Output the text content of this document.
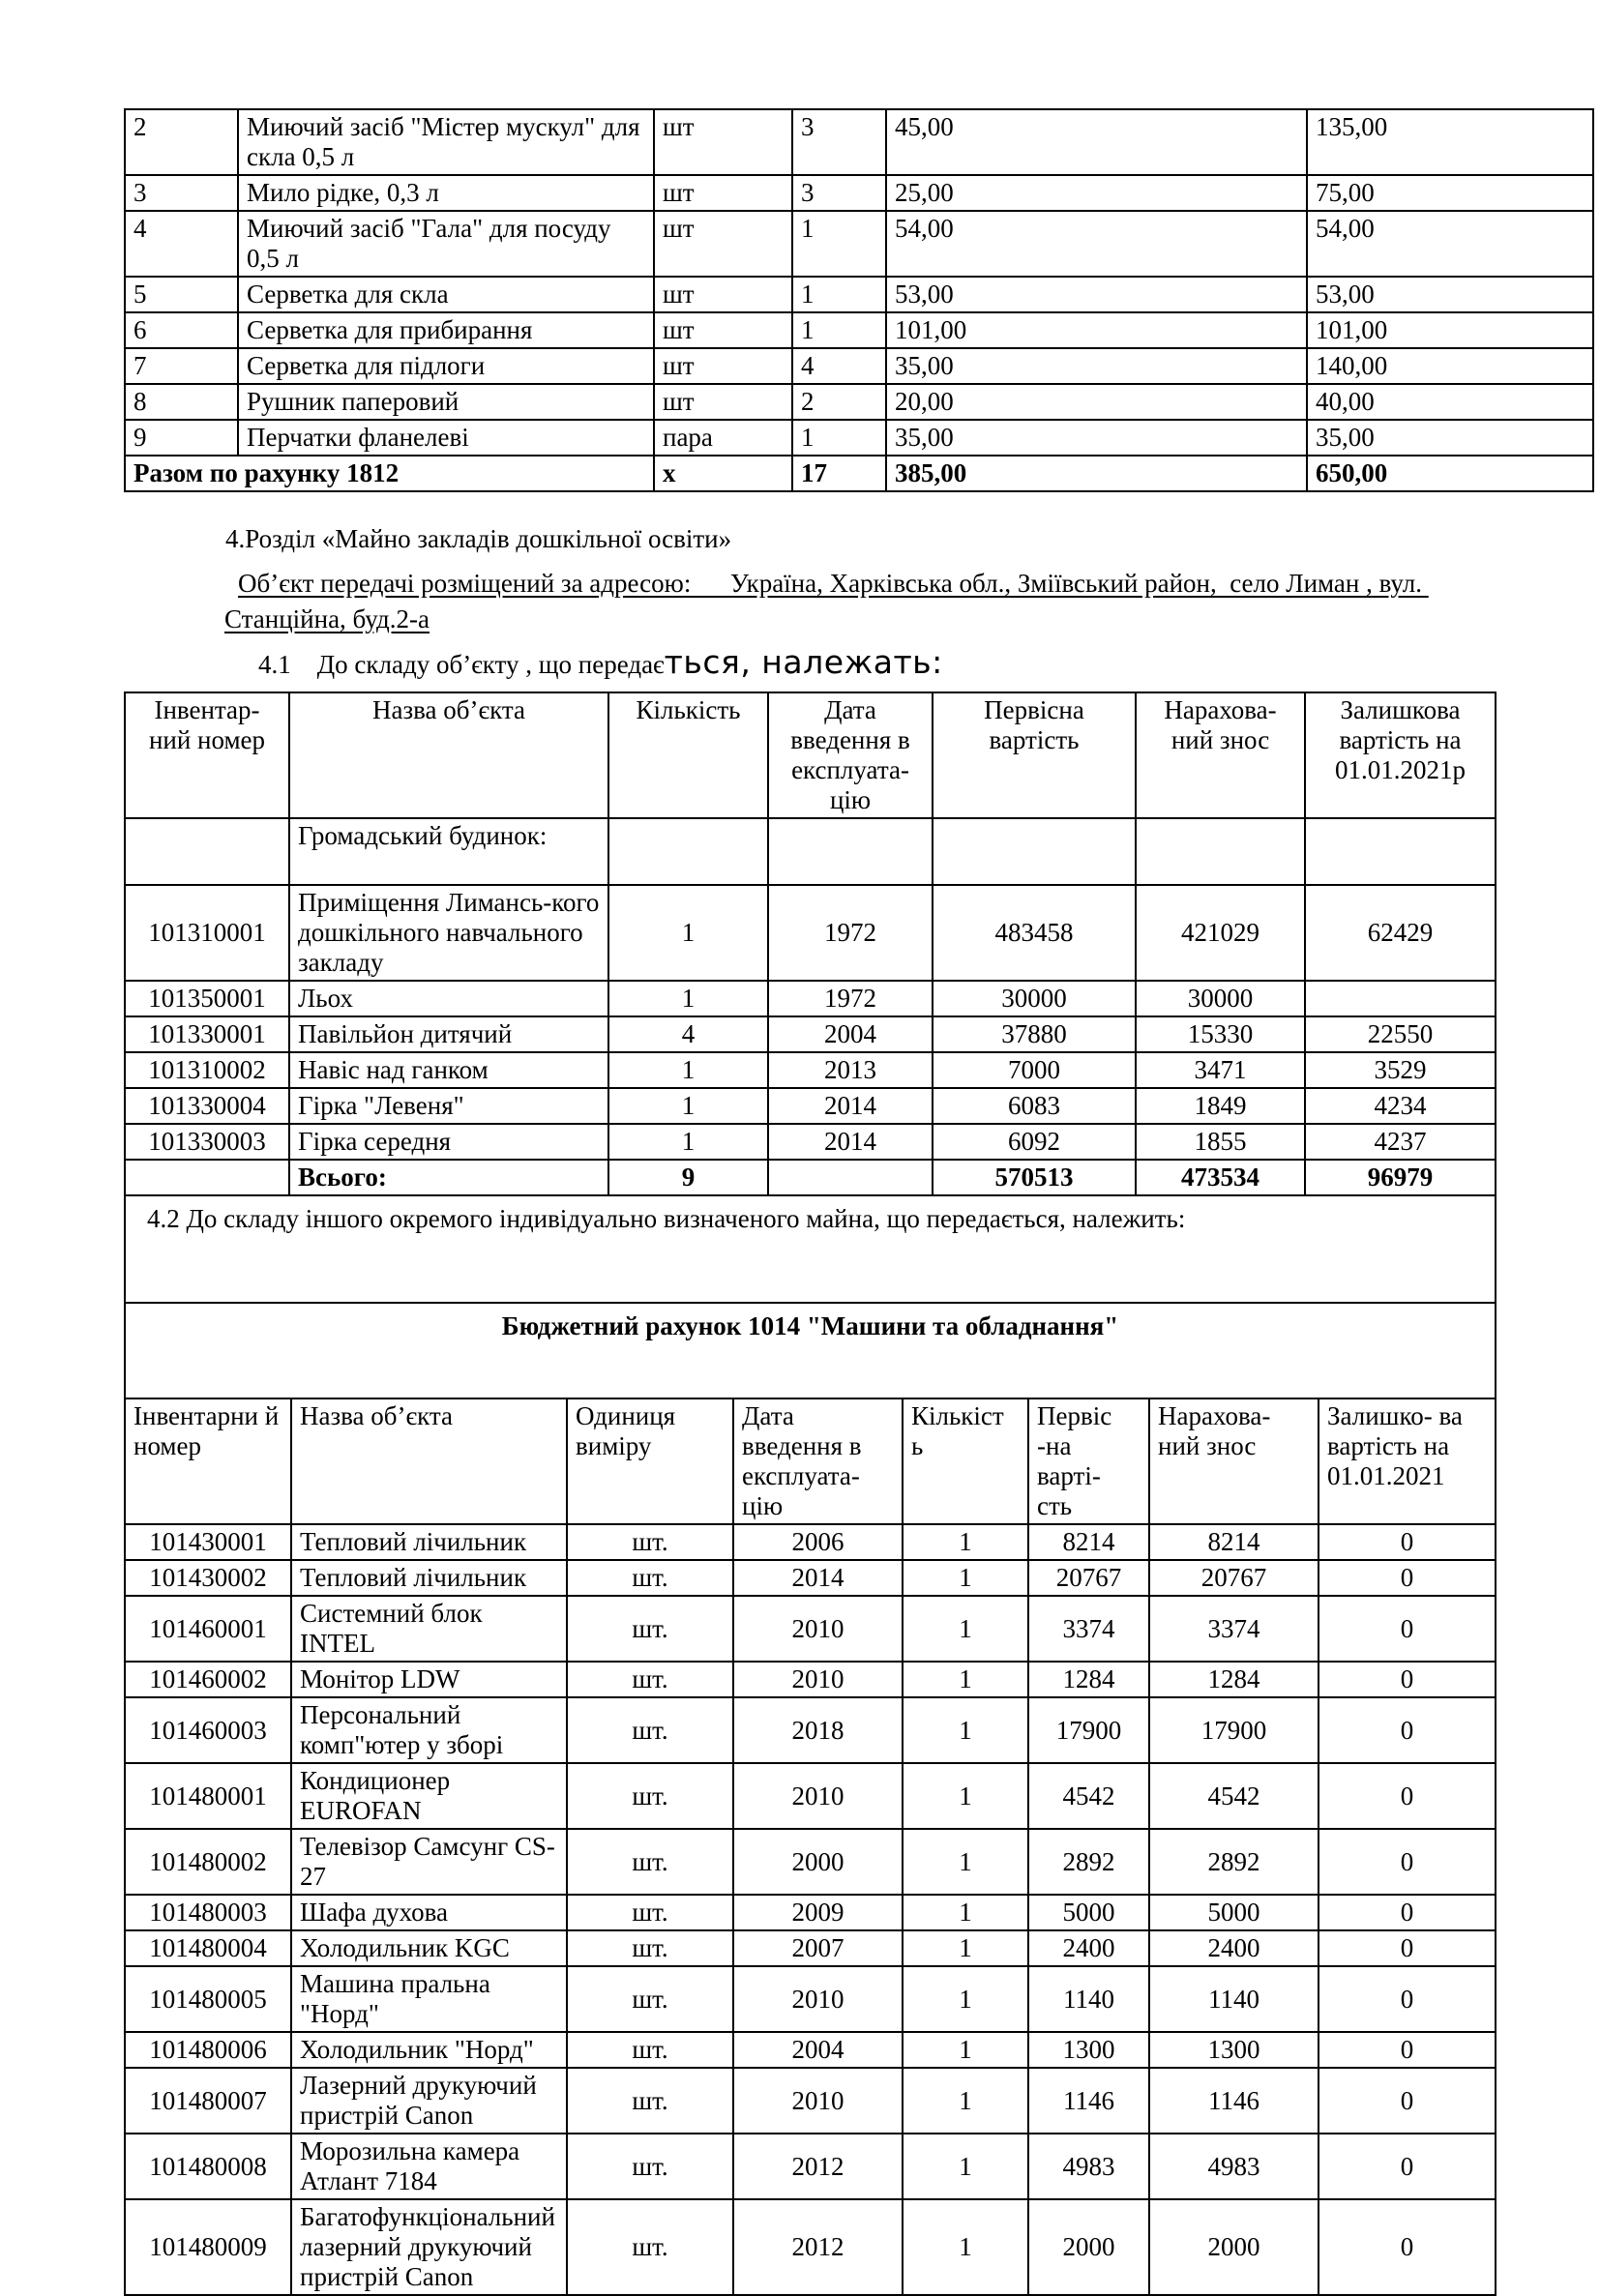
2	Миючий засіб "Містер мускул" для скла 0,5 л	шт	3	45,00	135,00
3	Мило рідке, 0,3 л	шт	3	25,00	75,00
4	Миючий засіб "Гала" для посуду 0,5 л	шт	1	54,00	54,00
5	Серветка для скла	шт	1	53,00	53,00
6	Серветка для прибирання	шт	1	101,00	101,00
7	Серветка для підлоги	шт	4	35,00	140,00
8	Рушник паперовий	шт	2	20,00	40,00
9	Перчатки фланелеві	пара	1	35,00	35,00
Разом по рахунку 1812		x	17	385,00	650,00
4.Розділ «Майно закладів дошкільної освіти»
Об’єкт передачі розміщений за адресою:      Україна, Харківська обл., Зміївський район,  село Лиман , вул.
Станційна, буд.2-а
4.1    До складу об’єкту , що передається, належать:
Інвентар-ний номер	Назва об’єкта	Кількість	Дата введення в експлуата-цію	Первісна вартість	Нарахова-ний знос	Залишкова вартість на 01.01.2021р
	Громадський будинок:					
101310001	Приміщення Лимансь-кого дошкільного навчального закладу	1	1972	483458	421029	62429
101350001	Льох	1	1972	30000	30000	
101330001	Павільйон дитячий	4	2004	37880	15330	22550
101310002	Навіс над ганком	1	2013	7000	3471	3529
101330004	Гірка "Левеня"	1	2014	6083	1849	4234
101330003	Гірка середня	1	2014	6092	1855	4237
	Всього:	9		570513	473534	96979
4.2 До складу іншого окремого індивідуально визначеного майна, що передається, належить:						
Бюджетний рахунок 1014 "Машини та обладнання"						
Інвентарни й номер	Назва об’єкта	Одиниця виміру	Дата введення в експлуата-цію	Кількіст ь	Первіс -на варті- сть	Нарахова-ний знос	Залишко- ва вартість на 01.01.2021
101430001	Тепловий лічильник	шт.	2006	1	8214	8214	0
101430002	Тепловий лічильник	шт.	2014	1	20767	20767	0
101460001	Системний блок INTEL	шт.	2010	1	3374	3374	0
101460002	Монітор LDW	шт.	2010	1	1284	1284	0
101460003	Персональний комп"ютер у зборі	шт.	2018	1	17900	17900	0
101480001	Кондиционер EUROFAN	шт.	2010	1	4542	4542	0
101480002	Телевізор Самсунг CS-27	шт.	2000	1	2892	2892	0
101480003	Шафа духова	шт.	2009	1	5000	5000	0
101480004	Холодильник KGC	шт.	2007	1	2400	2400	0
101480005	Машина пральна "Норд"	шт.	2010	1	1140	1140	0
101480006	Холодильник "Норд"	шт.	2004	1	1300	1300	0
101480007	Лазерний друкуючий пристрій Canon	шт.	2010	1	1146	1146	0
101480008	Морозильна камера Атлант 7184	шт.	2012	1	4983	4983	0
101480009	Багатофункціональний лазерний друкуючий пристрій Canon	шт.	2012	1	2000	2000	0
